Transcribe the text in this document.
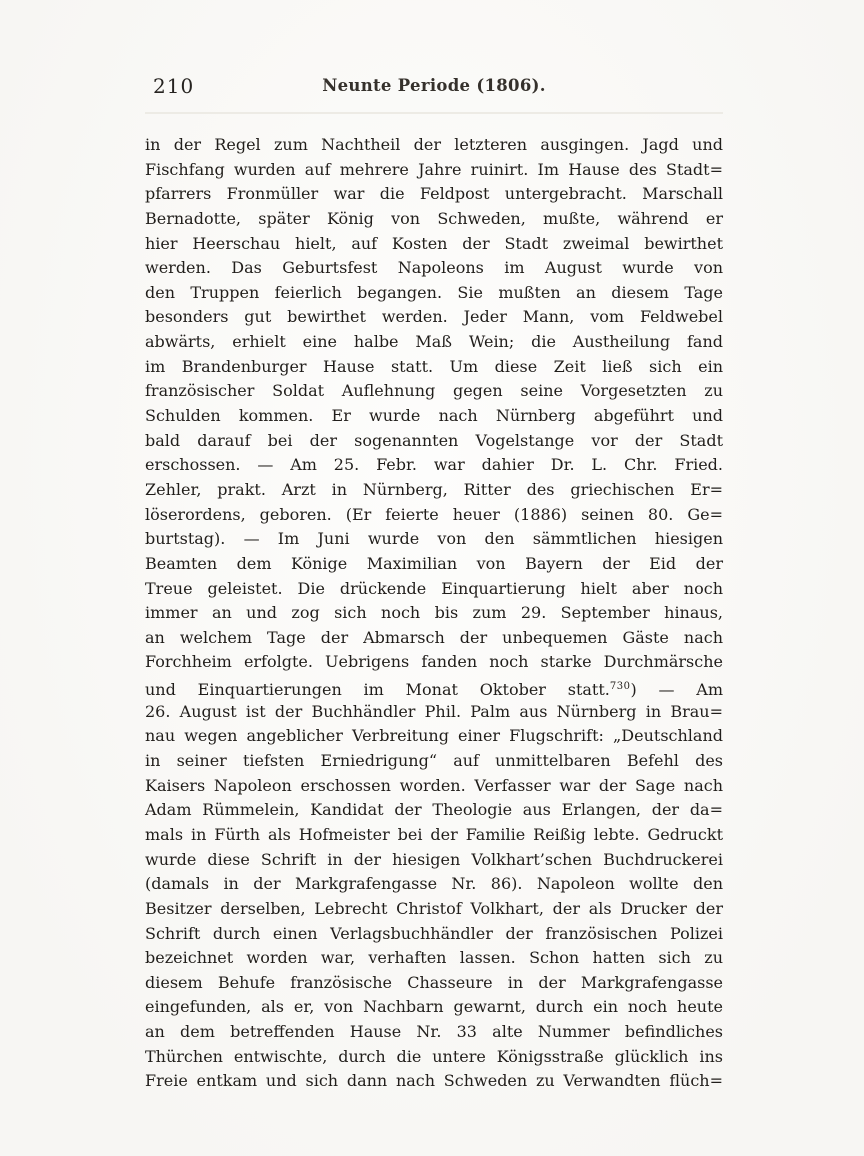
210	Neunte Periode (1806).
in der Regel zum Nachtheil der letzteren ausgingen. Jagd und
Fischfang wurden auf mehrere Jahre ruinirt. Im Hause des Stadt=
pfarrers Fronmüller war die Feldpost untergebracht. Marschall
Bernadotte, später König von Schweden, mußte, während er
hier Heerschau hielt, auf Kosten der Stadt zweimal bewirthet
werden. Das Geburtsfest Napoleons im August wurde von
den Truppen feierlich begangen. Sie mußten an diesem Tage
besonders gut bewirthet werden. Jeder Mann, vom Feldwebel
abwärts, erhielt eine halbe Maß Wein; die Austheilung fand
im Brandenburger Hause statt. Um diese Zeit ließ sich ein
französischer Soldat Auflehnung gegen seine Vorgesetzten zu
Schulden kommen. Er wurde nach Nürnberg abgeführt und
bald darauf bei der sogenannten Vogelstange vor der Stadt
erschossen. — Am 25. Febr. war dahier Dr. L. Chr. Fried.
Zehler, prakt. Arzt in Nürnberg, Ritter des griechischen Er=
löserordens, geboren. (Er feierte heuer (1886) seinen 80. Ge=
burtstag). — Im Juni wurde von den sämmtlichen hiesigen
Beamten dem Könige Maximilian von Bayern der Eid der
Treue geleistet. Die drückende Einquartierung hielt aber noch
immer an und zog sich noch bis zum 29. September hinaus,
an welchem Tage der Abmarsch der unbequemen Gäste nach
Forchheim erfolgte. Uebrigens fanden noch starke Durchmärsche
und Einquartierungen im Monat Oktober statt.$^{730}$) — Am
26. August ist der Buchhändler Phil. Palm aus Nürnberg in Brau=
nau wegen angeblicher Verbreitung einer Flugschrift: „Deutschland
in seiner tiefsten Erniedrigung“ auf unmittelbaren Befehl des
Kaisers Napoleon erschossen worden. Verfasser war der Sage nach
Adam Rümmelein, Kandidat der Theologie aus Erlangen, der da=
mals in Fürth als Hofmeister bei der Familie Reißig lebte. Gedruckt
wurde diese Schrift in der hiesigen Volkhart’schen Buchdruckerei
(damals in der Markgrafengasse Nr. 86). Napoleon wollte den
Besitzer derselben, Lebrecht Christof Volkhart, der als Drucker der
Schrift durch einen Verlagsbuchhändler der französischen Polizei
bezeichnet worden war, verhaften lassen. Schon hatten sich zu
diesem Behufe französische Chasseure in der Markgrafengasse
eingefunden, als er, von Nachbarn gewarnt, durch ein noch heute
an dem betreffenden Hause Nr. 33 alte Nummer befindliches
Thürchen entwischte, durch die untere Königsstraße glücklich ins
Freie entkam und sich dann nach Schweden zu Verwandten flüch=
